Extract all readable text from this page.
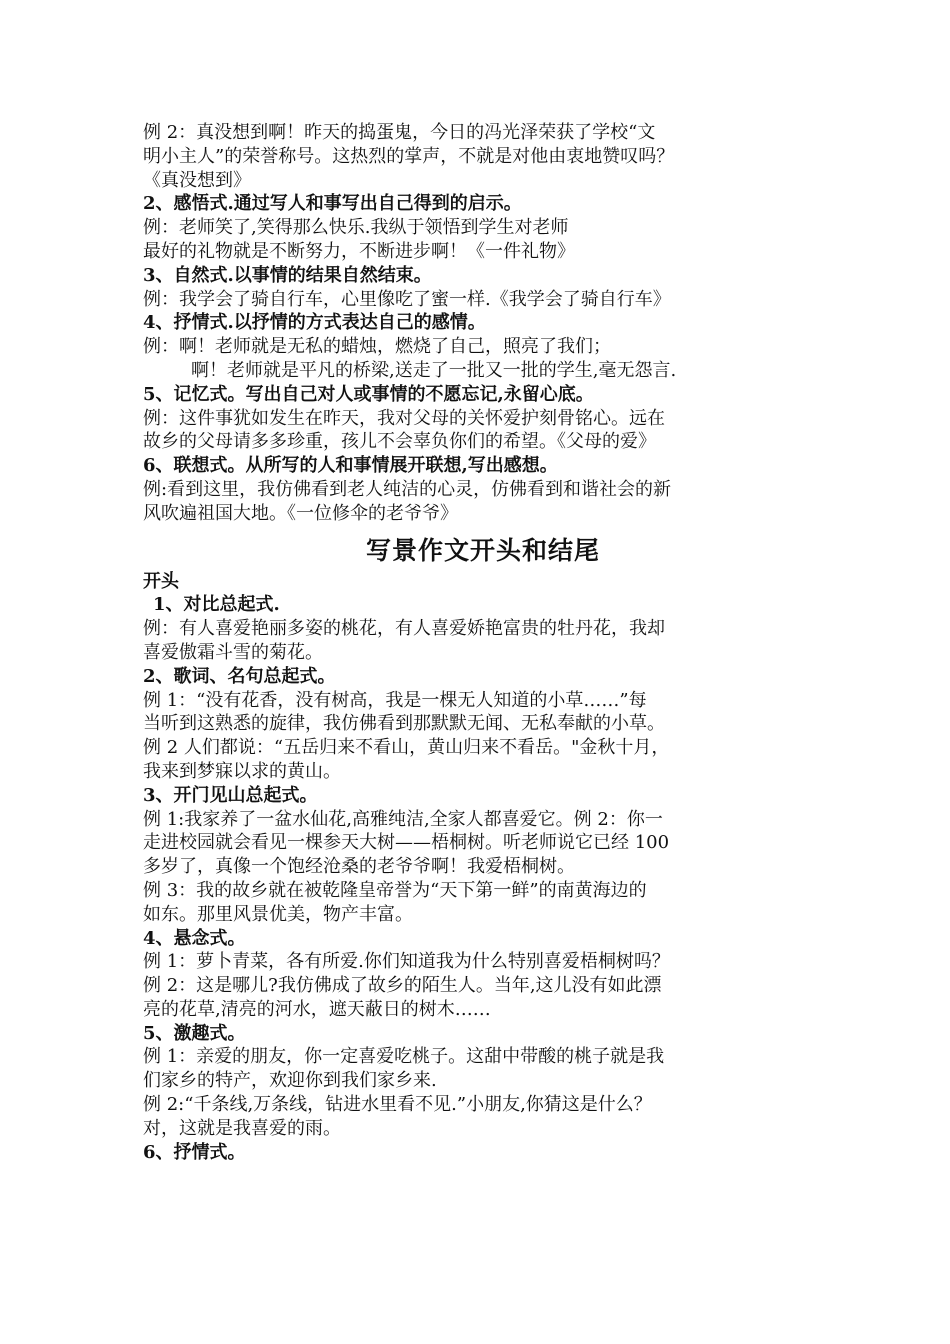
例 2：真没想到啊！昨天的捣蛋鬼，今日的冯光泽荣获了学校“文
明小主人”的荣誉称号。这热烈的掌声，不就是对他由衷地赞叹吗？
《真没想到》
2、感悟式.通过写人和事写出自己得到的启示。
例：老师笑了,笑得那么快乐.我纵于领悟到学生对老师
最好的礼物就是不断努力，不断进步啊！《一件礼物》
3、自然式.以事情的结果自然结束。
例：我学会了骑自行车，心里像吃了蜜一样.《我学会了骑自行车》
4、抒情式.以抒情的方式表达自己的感情。
例：啊！老师就是无私的蜡烛，燃烧了自己，照亮了我们；
啊！老师就是平凡的桥梁,送走了一批又一批的学生,毫无怨言.
5、记忆式。写出自己对人或事情的不愿忘记,永留心底。
例：这件事犹如发生在昨天，我对父母的关怀爱护刻骨铭心。远在
故乡的父母请多多珍重，孩儿不会辜负你们的希望。《父母的爱》
6、联想式。从所写的人和事情展开联想,写出感想。
例:看到这里，我仿佛看到老人纯洁的心灵，仿佛看到和谐社会的新
风吹遍祖国大地。《一位修伞的老爷爷》
写景作文开头和结尾
开头
1、对比总起式.
例：有人喜爱艳丽多姿的桃花，有人喜爱娇艳富贵的牡丹花，我却
喜爱傲霜斗雪的菊花。
2、歌词、名句总起式。
例 1：“没有花香，没有树高，我是一棵无人知道的小草……”每
当听到这熟悉的旋律，我仿佛看到那默默无闻、无私奉献的小草。
例 2 人们都说：“五岳归来不看山，黄山归来不看岳。"金秋十月，
我来到梦寐以求的黄山。
3、开门见山总起式。
例 1:我家养了一盆水仙花,高雅纯洁,全家人都喜爱它。例 2：你一
走进校园就会看见一棵参天大树——梧桐树。听老师说它已经 100
多岁了，真像一个饱经沧桑的老爷爷啊！我爱梧桐树。
例 3：我的故乡就在被乾隆皇帝誉为“天下第一鲜”的南黄海边的
如东。那里风景优美，物产丰富。
4、悬念式。
例 1：萝卜青菜，各有所爱.你们知道我为什么特别喜爱梧桐树吗？
例 2：这是哪儿?我仿佛成了故乡的陌生人。当年,这儿没有如此漂
亮的花草,清亮的河水，遮天蔽日的树木……
5、激趣式。
例 1：亲爱的朋友，你一定喜爱吃桃子。这甜中带酸的桃子就是我
们家乡的特产，欢迎你到我们家乡来.
例 2:“千条线,万条线，钻进水里看不见.”小朋友,你猜这是什么？
对，这就是我喜爱的雨。
6、抒情式。
